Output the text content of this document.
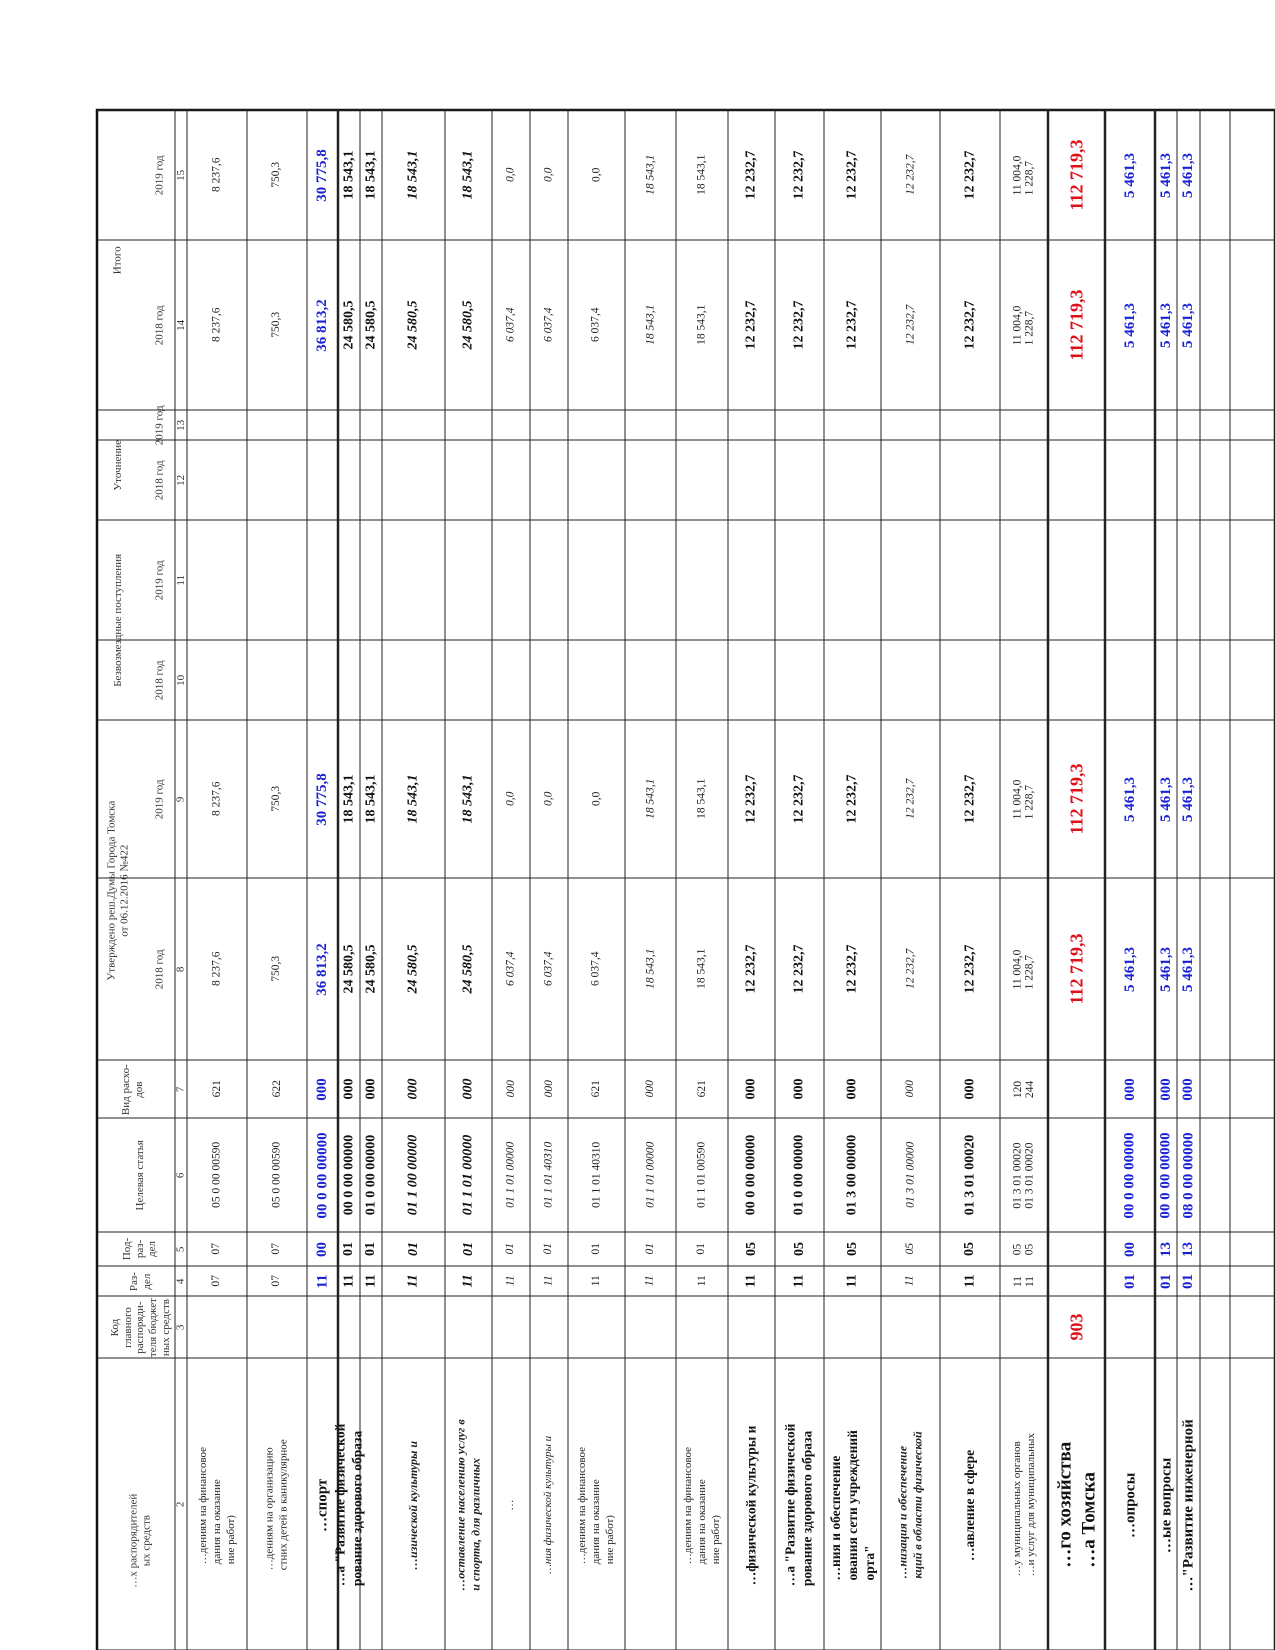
…х распорядителей
ых средств
Код
главного
распоряди-
теля бюджет
ных средств
Раз-
дел
Под-
раз-
дел
Целевая статья
Вид расхо-
дов
Утверждено реш.Думы Города Томска
от 06.12.2016 №422
Безвозмездные поступления
Уточнение
Итого
2018 год
2019 год
2018 год
2019 год
2018 год
2019 год
2018 год
2019 год
2
3
4
5
6
7
8
9
10
11
12
13
14
15
…дениям на финансовое
дания на оказание
ние работ)
07
07
05 0 00 00590
621
8 237,6
8 237,6
8 237,6
8 237,6
…дениям на организацию
стних детей в каникулярное
07
07
05 0 00 00590
622
750,3
750,3
750,3
750,3
…спорт
11
00
00 0 00 00000
000
36 813,2
30 775,8
36 813,2
30 775,8
…а "Развитие физической
рование здорового образа
11
01
00 0 00 00000
000
24 580,5
18 543,1
24 580,5
18 543,1
11
01
01 0 00 00000
000
24 580,5
18 543,1
24 580,5
18 543,1
…изической культуры и
11
01
01 1 00 00000
000
24 580,5
18 543,1
24 580,5
18 543,1
…оставление населению услуг в
и спорта, для различных
11
01
01 1 01 00000
000
24 580,5
18 543,1
24 580,5
18 543,1
…
11
01
01 1 01 00000
000
6 037,4
0,0
6 037,4
0,0
…ния физической культуры и
11
01
01 1 01 40310
000
6 037,4
0,0
6 037,4
0,0
…дениям на финансовое
дания на оказание
ние работ)
11
01
01 1 01 40310
621
6 037,4
0,0
6 037,4
0,0
11
01
01 1 01 00000
000
18 543,1
18 543,1
18 543,1
18 543,1
…дениям на финансовое
дания на оказание
ние работ)
11
01
01 1 01 00590
621
18 543,1
18 543,1
18 543,1
18 543,1
…физической культуры и
11
05
00 0 00 00000
000
12 232,7
12 232,7
12 232,7
12 232,7
…а "Развитие физической
рование здорового образа
11
05
01 0 00 00000
000
12 232,7
12 232,7
12 232,7
12 232,7
…ния и обеспечение
ования сети учреждений
орта"
11
05
01 3 00 00000
000
12 232,7
12 232,7
12 232,7
12 232,7
…низация и обеспечение
кций в области физической
11
05
01 3 01 00000
000
12 232,7
12 232,7
12 232,7
12 232,7
…авление в сфере
11
05
01 3 01 00020
000
12 232,7
12 232,7
12 232,7
12 232,7
…у муниципальных органов
…и услуг для муниципальных
11
11
05
05
01 3 01 00020
01 3 01 00020
120
244
11 004,0
1 228,7
11 004,0
1 228,7
11 004,0
1 228,7
11 004,0
1 228,7
…го хозяйства
…а Томска
903
112 719,3
112 719,3
112 719,3
112 719,3
…опросы
01
00
00 0 00 00000
000
5 461,3
5 461,3
5 461,3
5 461,3
…ые вопросы
01
13
00 0 00 00000
000
5 461,3
5 461,3
5 461,3
5 461,3
…"Развитие инженерной
01
13
08 0 00 00000
000
5 461,3
5 461,3
5 461,3
5 461,3
